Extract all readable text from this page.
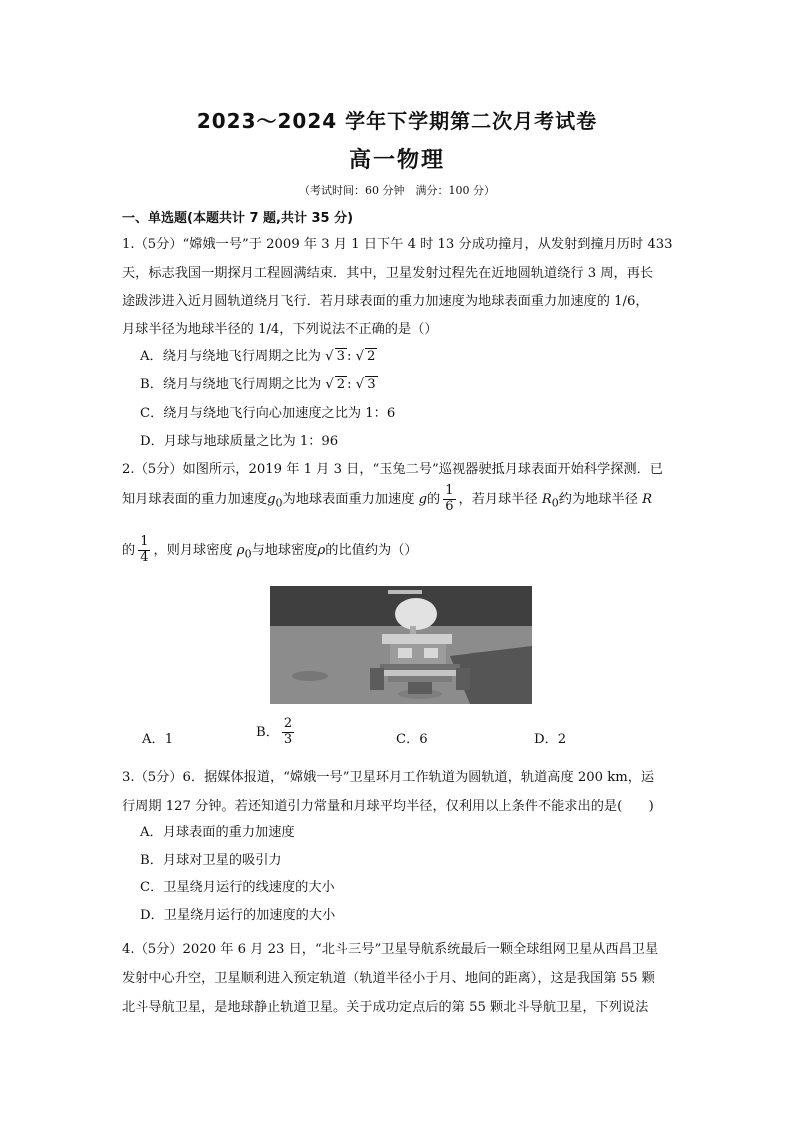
2023～2024 学年下学期第二次月考试卷
高一物理
（考试时间：60 分钟　满分：100 分）
一、单选题(本题共计 7 题,共计 35 分)
1.（5分）“嫦娥一号”于 2009 年 3 月 1 日下午 4 时 13 分成功撞月，从发射到撞月历时 433
天，标志我国一期探月工程圆满结束．其中，卫星发射过程先在近地圆轨道绕行 3 周，再长
途跋涉进入近月圆轨道绕月飞行．若月球表面的重力加速度为地球表面重力加速度的 1/6，
月球半径为地球半径的 1/4，下列说法不正确的是（）
A．绕月与绕地飞行周期之比为 √ 3 : √ 2
B．绕月与绕地飞行周期之比为 √ 2 : √ 3
C．绕月与绕地飞行向心加速度之比为 1：6
D．月球与地球质量之比为 1：96
2.（5分）如图所示，2019 年 1 月 3 日，“玉兔二号”巡视器驶抵月球表面开始科学探测．已
知月球表面的重力加速度$g_0$为地球表面重力加速度 g的 $\frac{1}{6}$ ，若月球半径 $R_0$约为地球半径 R
的 $\frac{1}{4}$ ，则月球密度 $\rho_0$与地球密度ρ的比值约为（）
A．1	B． $\frac{2}{3}$	C．6	D．2
3.（5分）6．据媒体报道，“嫦娥一号”卫星环月工作轨道为圆轨道，轨道高度 200 km，运
行周期 127 分钟。若还知道引力常量和月球平均半径，仅利用以上条件不能求出的是(　　)
A．月球表面的重力加速度
B．月球对卫星的吸引力
C．卫星绕月运行的线速度的大小
D．卫星绕月运行的加速度的大小
4.（5分）2020 年 6 月 23 日，“北斗三号”卫星导航系统最后一颗全球组网卫星从西昌卫星
发射中心升空，卫星顺利进入预定轨道（轨道半径小于月、地间的距离），这是我国第 55 颗
北斗导航卫星，是地球静止轨道卫星。关于成功定点后的第 55 颗北斗导航卫星，下列说法
